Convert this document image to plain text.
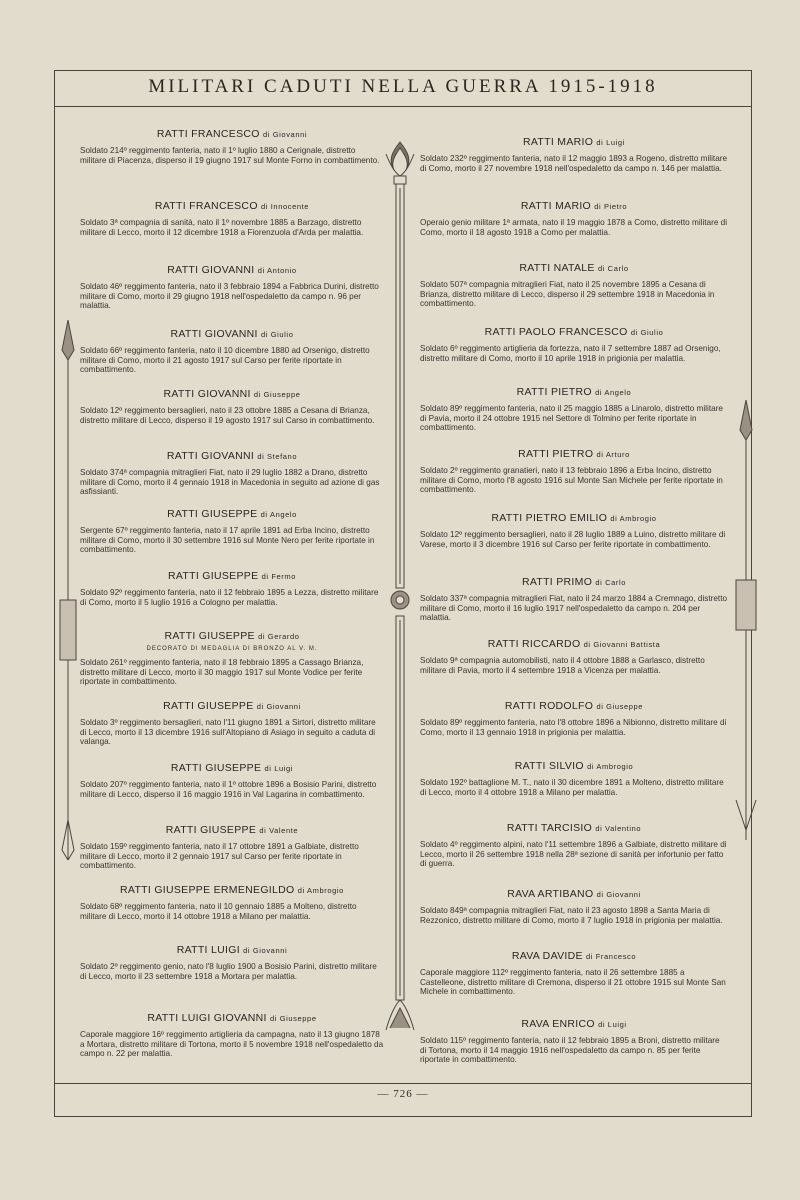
MILITARI CADUTI NELLA GUERRA 1915-1918
RATTI FRANCESCO di Giovanni
Soldato 214º reggimento fanteria, nato il 1º luglio 1880 a Cerignale, distretto militare di Piacenza, disperso il 19 giugno 1917 sul Monte Forno in combattimento.
RATTI FRANCESCO di Innocente
Soldato 3ª compagnia di sanità, nato il 1º novembre 1885 a Barzago, distretto militare di Lecco, morto il 12 dicembre 1918 a Fiorenzuola d'Arda per malattia.
RATTI GIOVANNI di Antonio
Soldato 46º reggimento fanteria, nato il 3 febbraio 1894 a Fabbrica Durini, distretto militare di Como, morto il 29 giugno 1918 nell'ospedaletto da campo n. 96 per malattia.
RATTI GIOVANNI di Giulio
Soldato 66º reggimento fanteria, nato il 10 dicembre 1880 ad Orsenigo, distretto militare di Como, morto il 21 agosto 1917 sul Carso per ferite riportate in combattimento.
RATTI GIOVANNI di Giuseppe
Soldato 12º reggimento bersaglieri, nato il 23 ottobre 1885 a Cesana di Brianza, distretto militare di Lecco, disperso il 19 agosto 1917 sul Carso in combattimento.
RATTI GIOVANNI di Stefano
Soldato 374ª compagnia mitraglieri Fiat, nato il 29 luglio 1882 a Drano, distretto militare di Como, morto il 4 gennaio 1918 in Macedonia in seguito ad azione di gas asfissianti.
RATTI GIUSEPPE di Angelo
Sergente 67º reggimento fanteria, nato il 17 aprile 1891 ad Erba Incino, distretto militare di Como, morto il 30 settembre 1916 sul Monte Nero per ferite riportate in combattimento.
RATTI GIUSEPPE di Fermo
Soldato 92º reggimento fanteria, nato il 12 febbraio 1895 a Lezza, distretto militare di Como, morto il 5 luglio 1916 a Cologno per malattia.
RATTI GIUSEPPE di Gerardo
DECORATO DI MEDAGLIA DI BRONZO AL V. M.
Soldato 261º reggimento fanteria, nato il 18 febbraio 1895 a Cassago Brianza, distretto militare di Lecco, morto il 30 maggio 1917 sul Monte Vodice per ferite riportate in combattimento.
RATTI GIUSEPPE di Giovanni
Soldato 3º reggimento bersaglieri, nato l'11 giugno 1891 a Sirtori, distretto militare di Lecco, morto il 13 dicembre 1916 sull'Altopiano di Asiago in seguito a caduta di valanga.
RATTI GIUSEPPE di Luigi
Soldato 207º reggimento fanteria, nato il 1º ottobre 1896 a Bosisio Parini, distretto militare di Lecco, disperso il 16 maggio 1916 in Val Lagarina in combattimento.
RATTI GIUSEPPE di Valente
Soldato 159º reggimento fanteria, nato il 17 ottobre 1891 a Galbiate, distretto militare di Lecco, morto il 2 gennaio 1917 sul Carso per ferite riportate in combattimento.
RATTI GIUSEPPE ERMENEGILDO di Ambrogio
Soldato 68º reggimento fanteria, nato il 10 gennaio 1885 a Molteno, distretto militare di Lecco, morto il 14 ottobre 1918 a Milano per malattia.
RATTI LUIGI di Giovanni
Soldato 2º reggimento genio, nato l'8 luglio 1900 a Bosisio Parini, distretto militare di Lecco, morto il 23 settembre 1918 a Mortara per malattia.
RATTI LUIGI GIOVANNI di Giuseppe
Caporale maggiore 16º reggimento artiglieria da campagna, nato il 13 giugno 1878 a Mortara, distretto militare di Tortona, morto il 5 novembre 1918 nell'ospedaletto da campo n. 22 per malattia.
RATTI MARIO di Luigi
Soldato 232º reggimento fanteria, nato il 12 maggio 1893 a Rogeno, distretto militare di Como, morto il 27 novembre 1918 nell'ospedaletto da campo n. 146 per malattia.
RATTI MARIO di Pietro
Operaio genio militare 1ª armata, nato il 19 maggio 1878 a Como, distretto militare di Como, morto il 18 agosto 1918 a Como per malattia.
RATTI NATALE di Carlo
Soldato 507ª compagnia mitraglieri Fiat, nato il 25 novembre 1895 a Cesana di Brianza, distretto militare di Lecco, disperso il 29 settembre 1918 in Macedonia in combattimento.
RATTI PAOLO FRANCESCO di Giulio
Soldato 6º reggimento artiglieria da fortezza, nato il 7 settembre 1887 ad Orsenigo, distretto militare di Como, morto il 10 aprile 1918 in prigionia per malattia.
RATTI PIETRO di Angelo
Soldato 89º reggimento fanteria, nato il 25 maggio 1885 a Linarolo, distretto militare di Pavia, morto il 24 ottobre 1915 nel Settore di Tolmino per ferite riportate in combattimento.
RATTI PIETRO di Arturo
Soldato 2º reggimento granatieri, nato il 13 febbraio 1896 a Erba Incino, distretto militare di Como, morto l'8 agosto 1916 sul Monte San Michele per ferite riportate in combattimento.
RATTI PIETRO EMILIO di Ambrogio
Soldato 12º reggimento bersaglieri, nato il 28 luglio 1889 a Luino, distretto militare di Varese, morto il 3 dicembre 1916 sul Carso per ferite riportate in combattimento.
RATTI PRIMO di Carlo
Soldato 337ª compagnia mitraglieri Fiat, nato il 24 marzo 1884 a Cremnago, distretto militare di Como, morto il 16 luglio 1917 nell'ospedaletto da campo n. 204 per malattia.
RATTI RICCARDO di Giovanni Battista
Soldato 9ª compagnia automobilisti, nato il 4 ottobre 1888 a Garlasco, distretto militare di Pavia, morto il 4 settembre 1918 a Vicenza per malattia.
RATTI RODOLFO di Giuseppe
Soldato 89º reggimento fanteria, nato l'8 ottobre 1896 a Nibionno, distretto militare di Como, morto il 13 gennaio 1918 in prigionia per malattia.
RATTI SILVIO di Ambrogio
Soldato 192º battaglione M. T., nato il 30 dicembre 1891 a Molteno, distretto militare di Lecco, morto il 4 ottobre 1918 a Milano per malattia.
RATTI TARCISIO di Valentino
Soldato 4º reggimento alpini, nato l'11 settembre 1896 a Galbiate, distretto militare di Lecco, morto il 26 settembre 1918 nella 28ª sezione di sanità per infortunio per fatto di guerra.
RAVA ARTIBANO di Giovanni
Soldato 849ª compagnia mitraglieri Fiat, nato il 23 agosto 1898 a Santa Maria di Rezzonico, distretto militare di Como, morto il 7 luglio 1918 in prigionia per malattia.
RAVA DAVIDE di Francesco
Caporale maggiore 112º reggimento fanteria, nato il 26 settembre 1885 a Castelleone, distretto militare di Cremona, disperso il 21 ottobre 1915 sul Monte San Michele in combattimento.
RAVA ENRICO di Luigi
Soldato 115º reggimento fanteria, nato il 12 febbraio 1895 a Broni, distretto militare di Tortona, morto il 14 maggio 1916 nell'ospedaletto da campo n. 85 per ferite riportate in combattimento.
— 726 —
